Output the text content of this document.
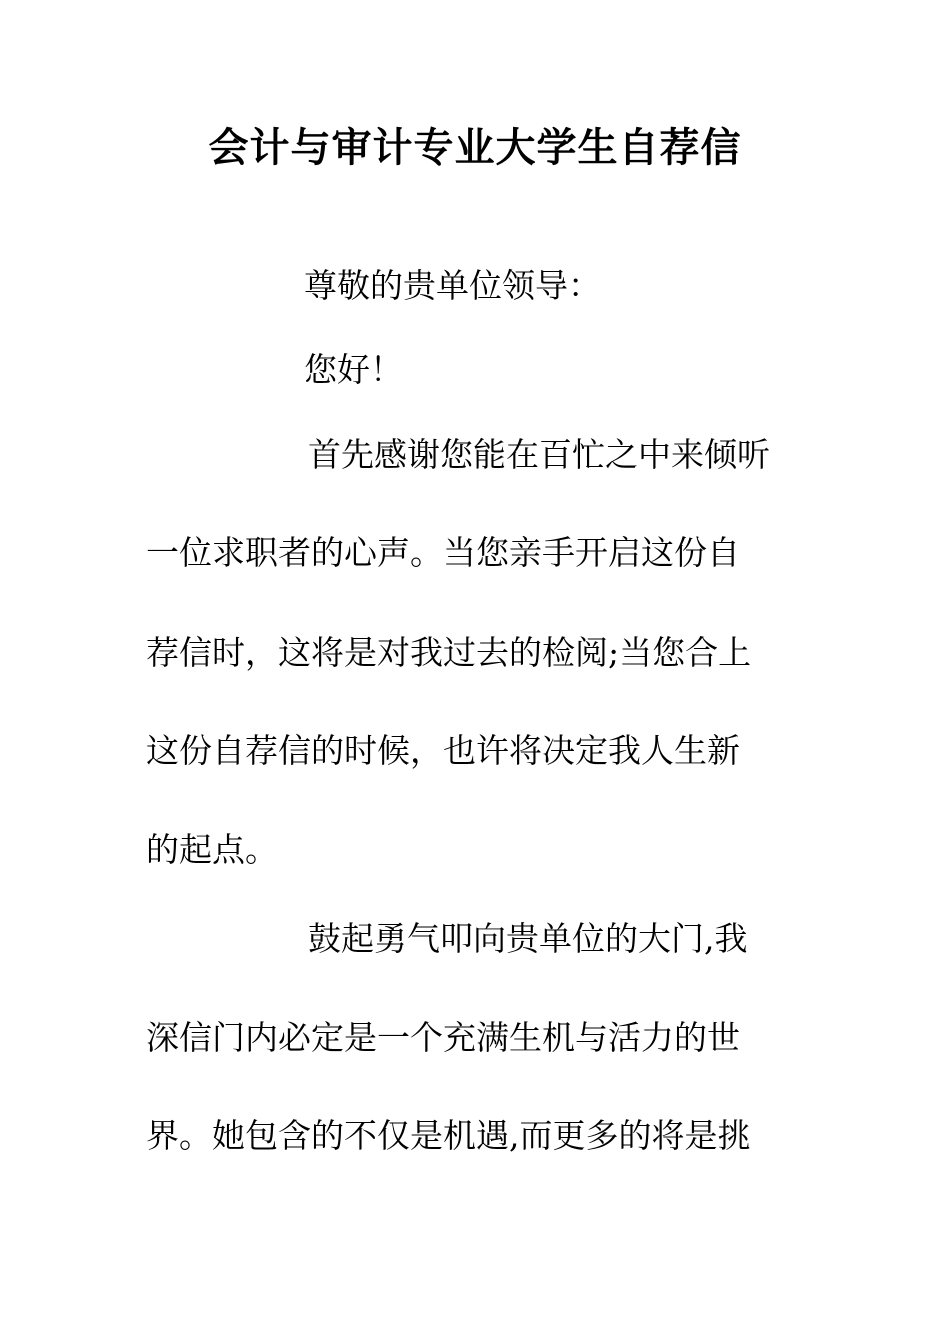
会计与审计专业大学生自荐信
尊敬的贵单位领导：
您好！
首先感谢您能在百忙之中来倾听
一位求职者的心声。当您亲手开启这份自
荐信时，这将是对我过去的检阅;当您合上
这份自荐信的时候，也许将决定我人生新
的起点。
鼓起勇气叩向贵单位的大门,我
深信门内必定是一个充满生机与活力的世
界。她包含的不仅是机遇,而更多的将是挑
